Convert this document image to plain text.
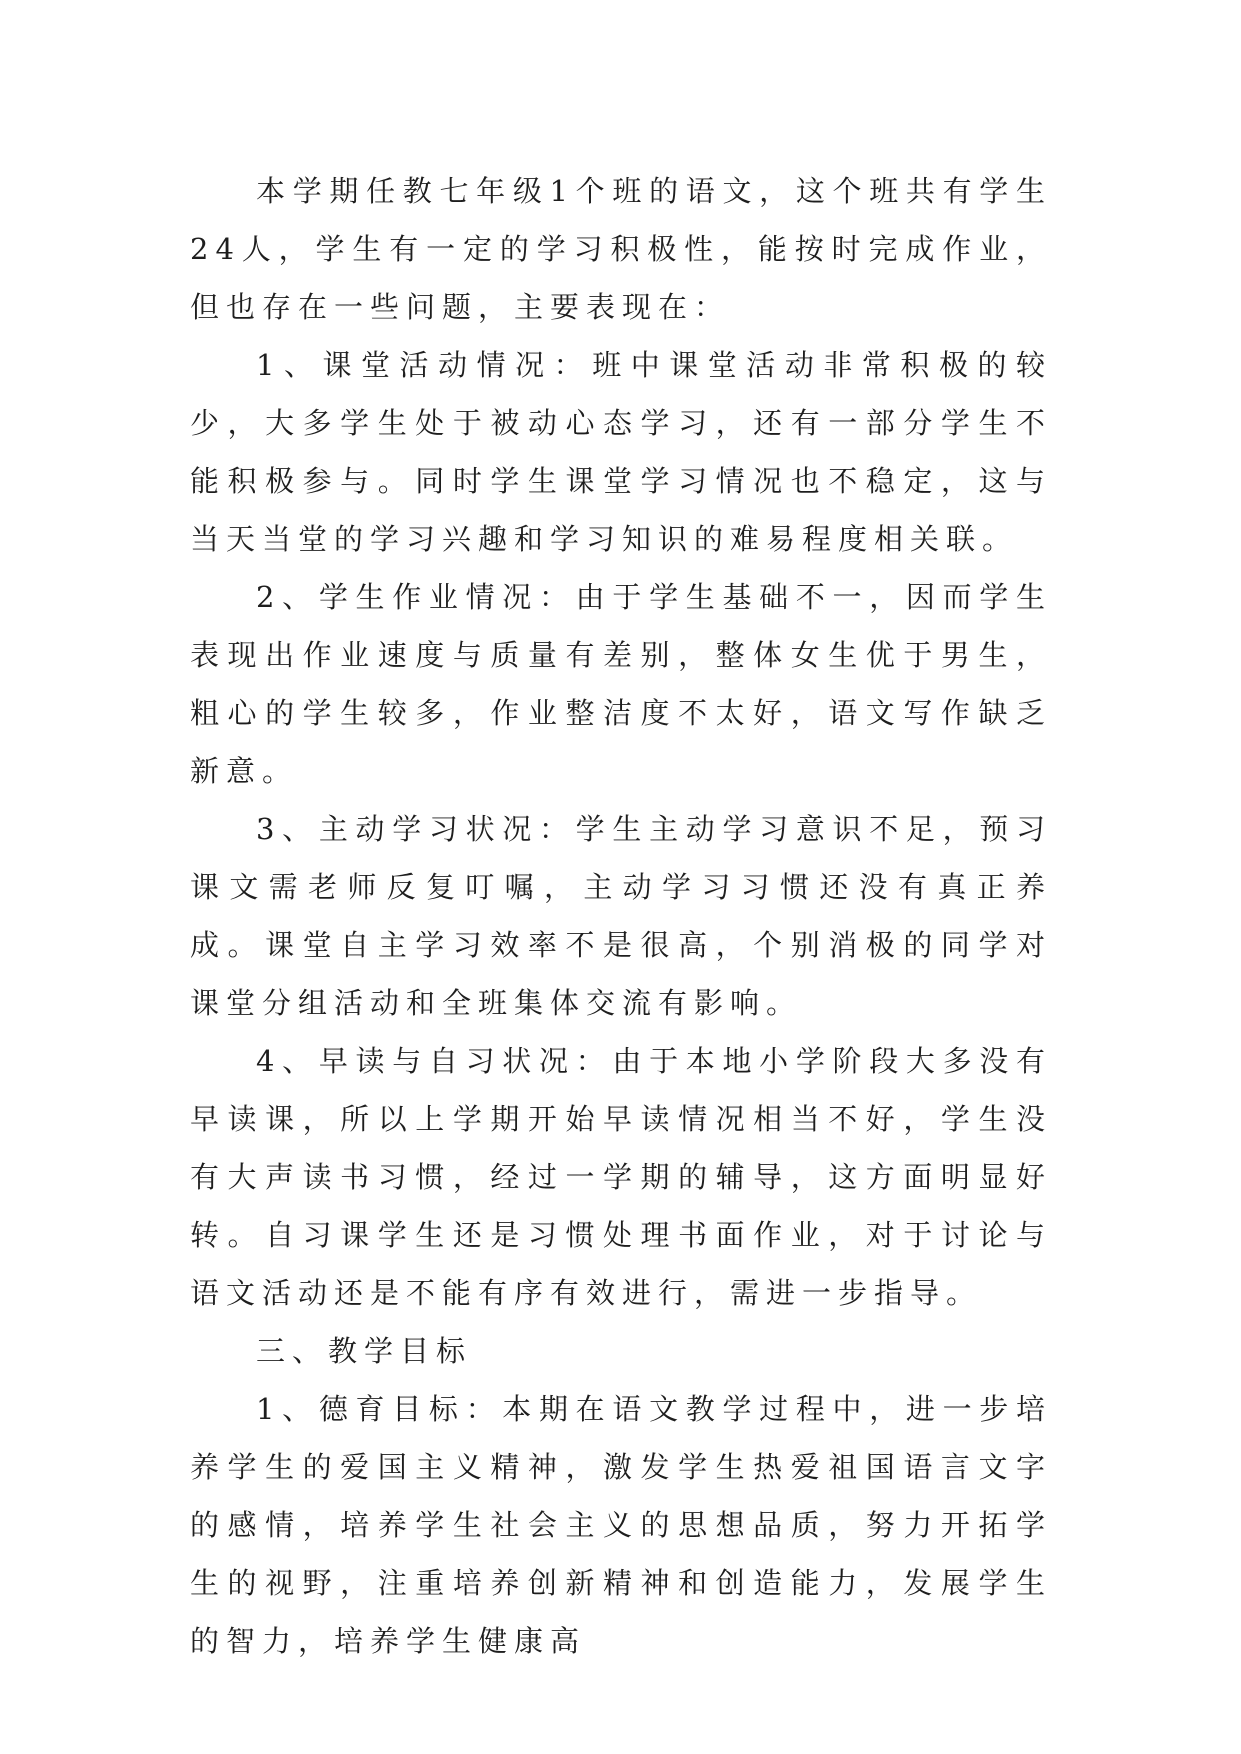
本学期任教七年级1个班的语文，这个班共有学生24人，学生有一定的学习积极性，能按时完成作业，但也存在一些问题，主要表现在：

1、课堂活动情况：班中课堂活动非常积极的较少，大多学生处于被动心态学习，还有一部分学生不能积极参与。同时学生课堂学习情况也不稳定，这与当天当堂的学习兴趣和学习知识的难易程度相关联。

2、学生作业情况：由于学生基础不一，因而学生表现出作业速度与质量有差别，整体女生优于男生，粗心的学生较多，作业整洁度不太好，语文写作缺乏新意。

3、主动学习状况：学生主动学习意识不足，预习课文需老师反复叮嘱，主动学习习惯还没有真正养成。课堂自主学习效率不是很高，个别消极的同学对课堂分组活动和全班集体交流有影响。

4、早读与自习状况：由于本地小学阶段大多没有早读课，所以上学期开始早读情况相当不好，学生没有大声读书习惯，经过一学期的辅导，这方面明显好转。自习课学生还是习惯处理书面作业，对于讨论与语文活动还是不能有序有效进行，需进一步指导。

三、教学目标

1、德育目标：本期在语文教学过程中，进一步培养学生的爱国主义精神，激发学生热爱祖国语言文字的感情，培养学生社会主义的思想品质，努力开拓学生的视野，注重培养创新精神和创造能力，发展学生的智力，培养学生健康高
